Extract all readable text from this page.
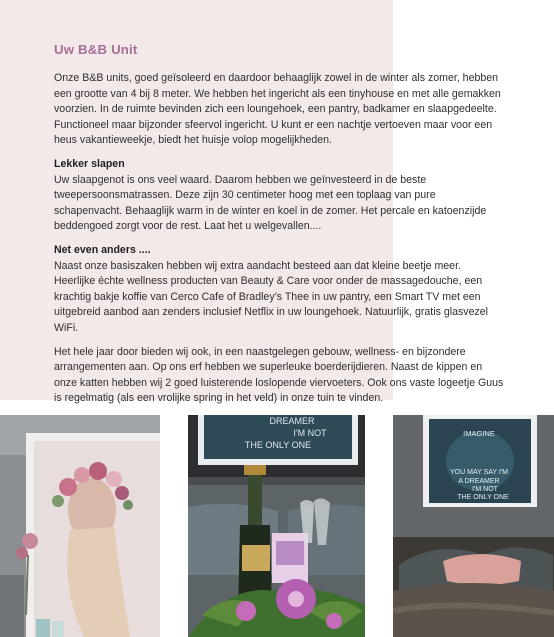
Uw B&B Unit

Onze B&B units, goed geïsoleerd en daardoor behaaglijk zowel in de winter als zomer, hebben een grootte van 4 bij 8 meter. We hebben het ingericht als een tinyhouse en met alle gemakken voorzien. In de ruimte bevinden zich een loungehoek, een pantry, badkamer en slaapgedeelte. Functioneel maar bijzonder sfeervol ingericht. U kunt er een nachtje vertoeven maar voor een heus vakantieweekje, biedt het huisje volop mogelijkheden.

Lekker slapen
Uw slaapgenot is ons veel waard. Daarom hebben we geïnvesteerd in de beste tweepersoonsmatrassen. Deze zijn 30 centimeter hoog met een toplaag van pure schapenvacht. Behaaglijk warm in de winter en koel in de zomer. Het percale en katoenzijde beddengoed zorgt voor de rest. Laat het u welgevallen....

Net even anders ....
Naast onze basiszaken hebben wij extra aandacht besteed aan dat kleine beetje meer. Heerlijke échte wellness producten van Beauty & Care voor onder de massagedouche, een krachtig bakje koffie van Cerco Cafe of Bradley’s Thee in uw pantry, een Smart TV met een uitgebreid aanbod aan zenders inclusief Netflix in uw loungehoek. Natuurlijk, gratis glasvezel WiFi.

Het hele jaar door bieden wij ook, in een naastgelegen gebouw, wellness- en bijzondere arrangementen aan. Op ons erf hebben we superleuke boerderijdieren. Naast de kippen en onze katten hebben wij 2 goed luisterende loslopende viervoeters. Ook ons vaste logeetje Guus is regelmatig (als een vrolijke spring in het veld) in onze tuin te vinden.

DREAMER
I'M NOT
THE ONLY ONE
IMAGINE
YOU MAY SAY I'M
A DREAMER
I'M NOT
THE ONLY ONE
